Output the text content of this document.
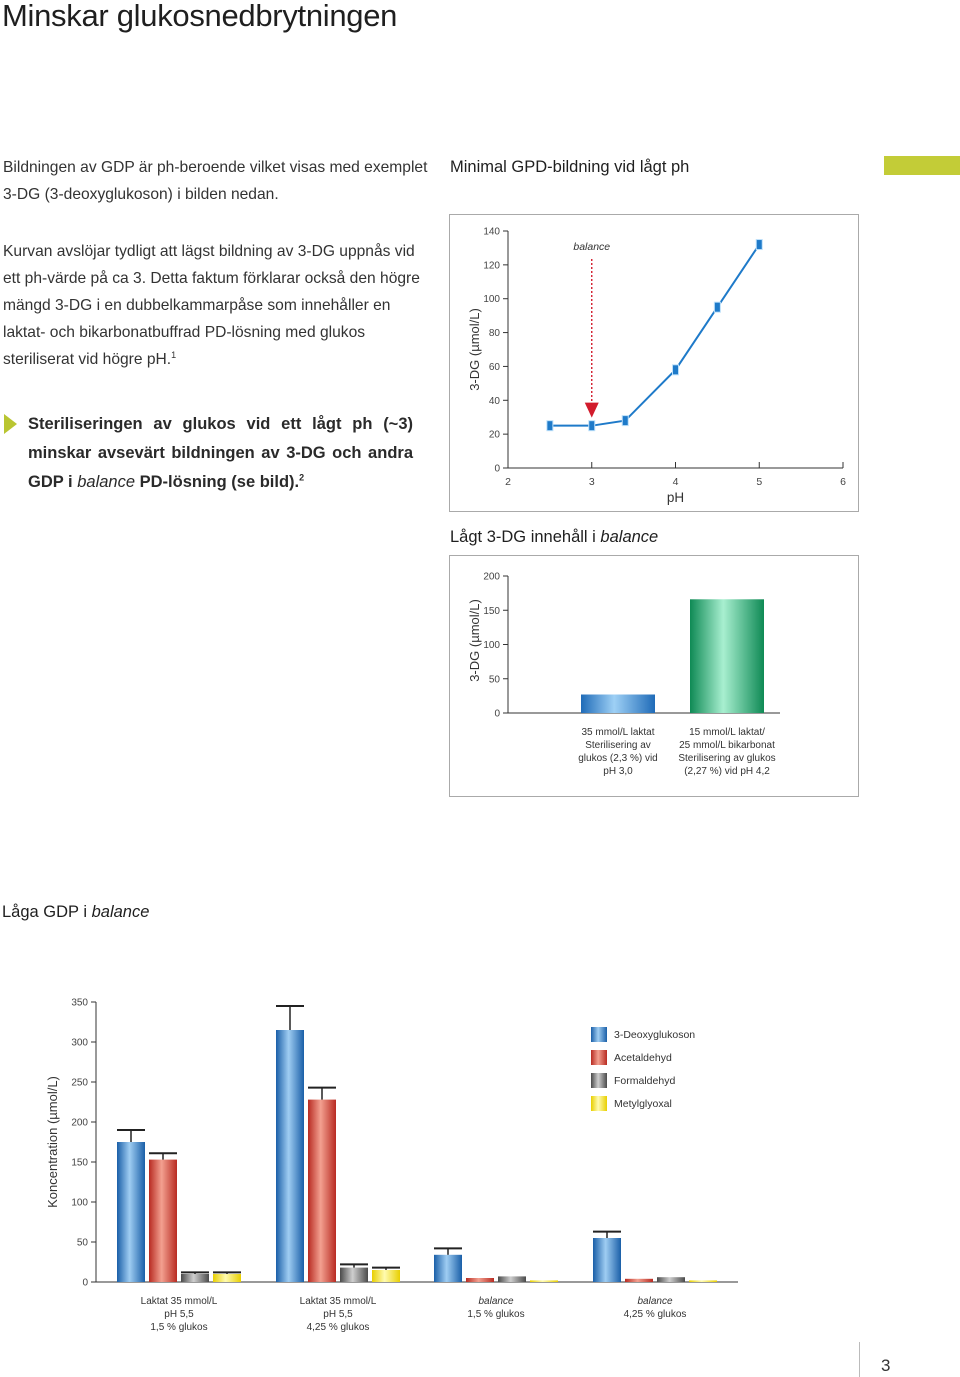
Minskar glukosnedbrytningen
Bildningen av GDP är ph-beroende vilket visas med exemplet 3-DG (3-deoxyglukoson) i bilden nedan.
Kurvan avslöjar tydligt att lägst bildning av 3-DG uppnås vid ett ph-värde på ca 3. Detta faktum förklarar också den högre mängd 3-DG i en dubbelkammarpåse som innehåller en laktat- och bikarbonatbuffrad PD-lösning med glukos steriliserat vid högre pH.$^1$
Steriliseringen av glukos vid ett lågt ph (~3) minskar avsevärt bildningen av 3-DG och andra GDP i balance PD-lösning (se bild).$^2$
Minimal GPD-bildning vid lågt ph
140
120
100
80
60
40
20
0
2	3	4	5	6
pH
3-DG (µmol/L)
balance
Lågt 3-DG innehåll i balance
200
150
100
50
0
3-DG (µmol/L)
35 mmol/L laktat
Sterilisering av
glukos (2,3 %) vid
pH 3,0
15 mmol/L laktat/
25 mmol/L bikarbonat
Sterilisering av glukos
(2,27 %) vid pH 4,2
Låga GDP i balance
350
300
250
200
150
100
50
0
Koncentration (µmol/L)
Laktat 35 mmol/L
pH 5,5
1,5 % glukos
Laktat 35 mmol/L
pH 5,5
4,25 % glukos
balance
1,5 % glukos
balance
4,25 % glukos
3-Deoxyglukoson
Acetaldehyd
Formaldehyd
Metylglyoxal
3
